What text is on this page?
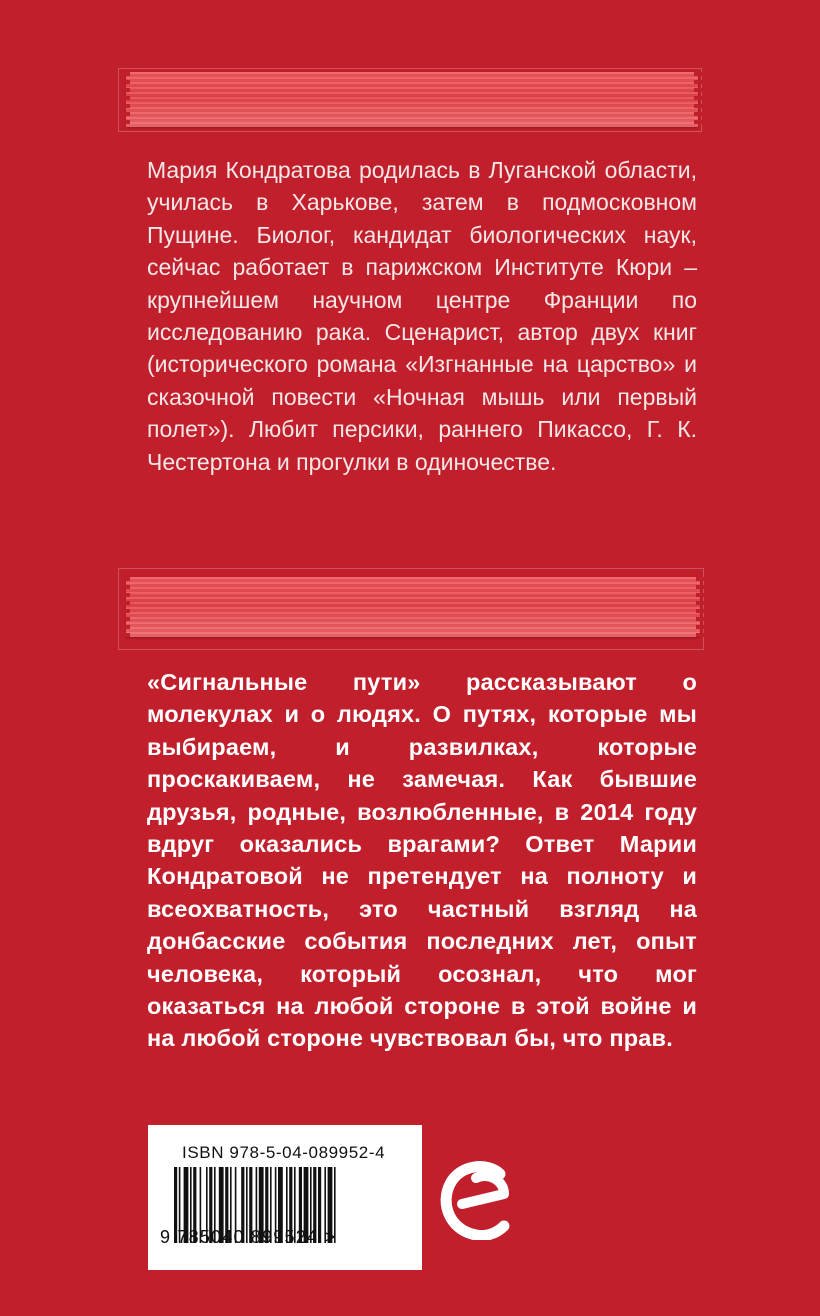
Мария Кондратова родилась в Луганской области, училась в Харькове, затем в подмосковном Пущине. Биолог, кандидат биологических наук, сейчас работает в парижском Институте Кюри – крупнейшем научном центре Франции по исследованию рака. Сценарист, автор двух книг (исторического романа «Изгнанные на царство» и сказочной повести «Ночная мышь или первый полет»). Любит персики, раннего Пикассо, Г. К. Честертона и прогулки в одиночестве.

«Сигнальные пути» рассказывают о молекулах и о людях. О путях, которые мы выбираем, и развилках, которые проскакиваем, не замечая. Как бывшие друзья, родные, возлюбленные, в 2014 году вдруг оказались врагами? Ответ Марии Кондратовой не претендует на полноту и всеохватность, это частный взгляд на донбасские события последних лет, опыт человека, который осознал, что мог оказаться на любой стороне в этой войне и на любой стороне чувствовал бы, что прав.

ISBN 978-5-04-089952-4
9 785040 899524 >
